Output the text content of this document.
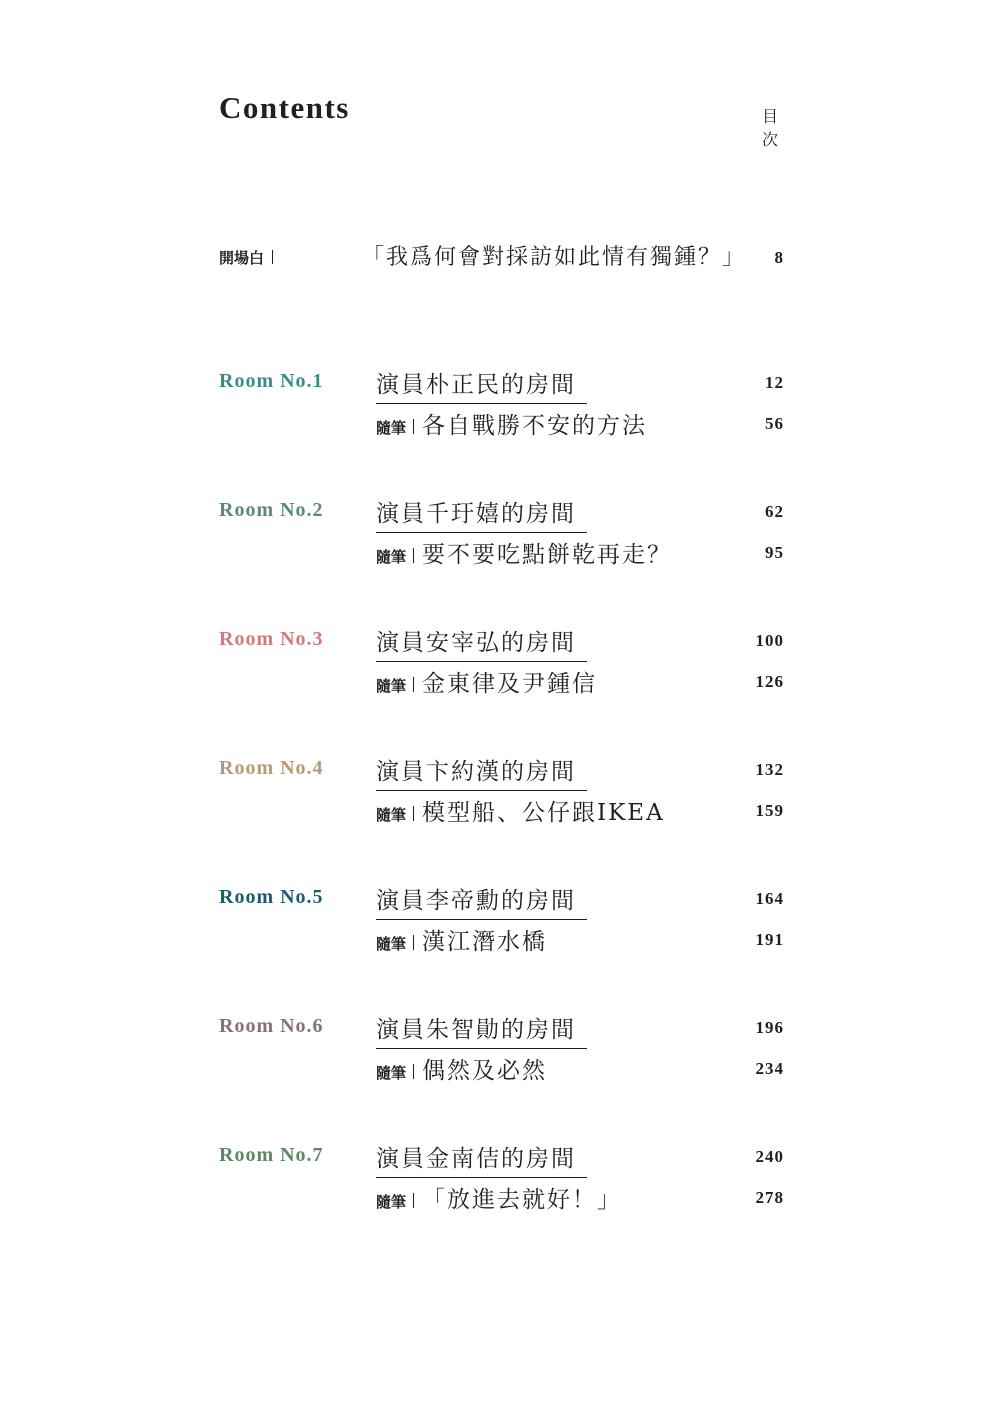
Contents	目 次
開場白	「我爲何會對採訪如此情有獨鍾？」 8
Room No.1 演員朴正民的房間	12
隨筆 各自戰勝不安的方法	56
Room No.2 演員千玗嬉的房間	62
隨筆 要不要吃點餅乾再走？	95
Room No.3 演員安宰弘的房間	100
隨筆 金東律及尹鍾信	126
Room No.4 演員卞約漢的房間	132
隨筆 模型船、公仔跟IKEA	159
Room No.5 演員李帝勳的房間	164
隨筆 漢江潛水橋	191
Room No.6 演員朱智勛的房間	196
隨筆 偶然及必然	234
Room No.7 演員金南佶的房間	240
隨筆 「放進去就好！」	278
